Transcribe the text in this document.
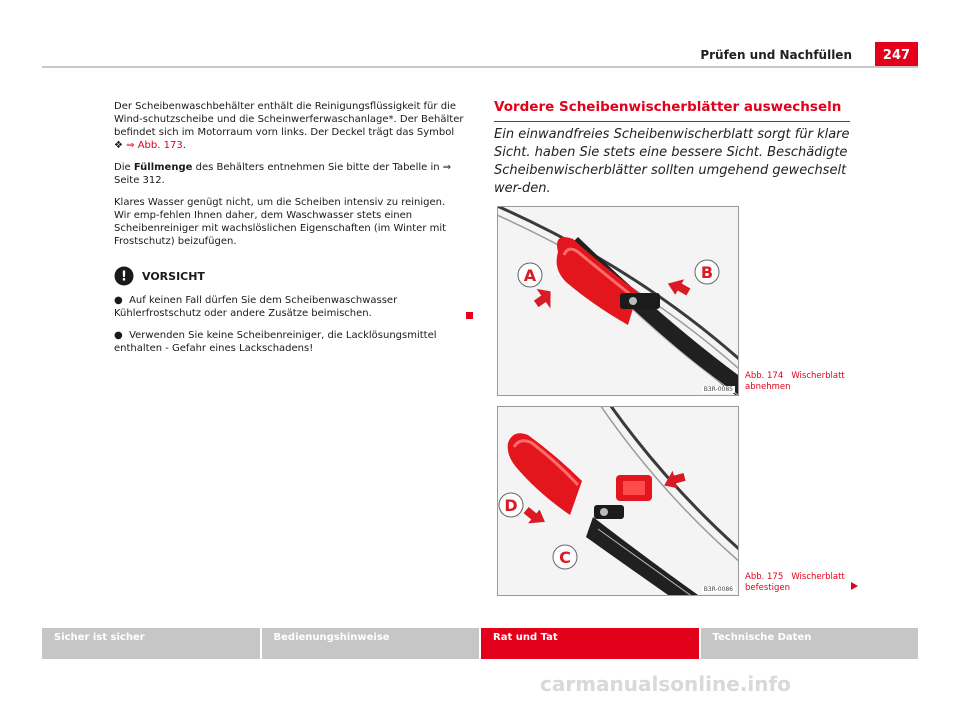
Prüfen und Nachfüllen	247

Der Scheibenwaschbehälter enthält die Reinigungsflüssigkeit für die Wind-schutzscheibe und die Scheinwerferwaschanlage*. Der Behälter befindet sich im Motorraum vorn links. Der Deckel trägt das Symbol ❖ ⇒ Abb. 173.

Die Füllmenge des Behälters entnehmen Sie bitte der Tabelle in ⇒ Seite 312.

Klares Wasser genügt nicht, um die Scheiben intensiv zu reinigen. Wir emp-fehlen Ihnen daher, dem Waschwasser stets einen Scheibenreiniger mit wachslöslichen Eigenschaften (im Winter mit Frostschutz) beizufügen.

! VORSICHT

● Auf keinen Fall dürfen Sie dem Scheibenwaschwasser Kühlerfrostschutz oder andere Zusätze beimischen.

● Verwenden Sie keine Scheibenreiniger, die Lacklösungsmittel enthalten - Gefahr eines Lackschadens!

Vordere Scheibenwischerblätter auswechseln
Ein einwandfreies Scheibenwischerblatt sorgt für klare Sicht. haben Sie stets eine bessere Sicht. Beschädigte Scheibenwischerblätter sollten umgehend gewechselt wer-den.
A	B
B3R-0085
Abb. 174 Wischerblatt abnehmen
D
C
B3R-0086
Abb. 175 Wischerblatt befestigen
Sicher ist sicher	Bedienungshinweise	Rat und Tat	Technische Daten
carmanualsonline.info
